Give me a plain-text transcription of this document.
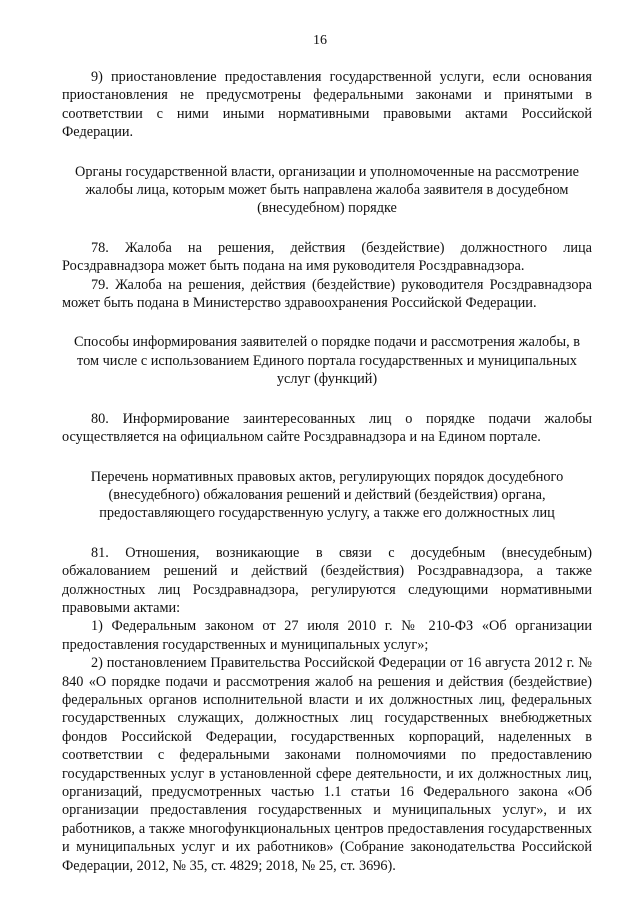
16

9) приостановление предоставления государственной услуги, если основания приостановления не предусмотрены федеральными законами и принятыми в соответствии с ними иными нормативными правовыми актами Российской Федерации.

Органы государственной власти, организации и уполномоченные на рассмотрение жалобы лица, которым может быть направлена жалоба заявителя в досудебном (внесудебном) порядке

78. Жалоба на решения, действия (бездействие) должностного лица Росздравнадзора может быть подана на имя руководителя Росздравнадзора.

79. Жалоба на решения, действия (бездействие) руководителя Росздравнадзора может быть подана в Министерство здравоохранения Российской Федерации.

Способы информирования заявителей о порядке подачи и рассмотрения жалобы, в том числе с использованием Единого портала государственных и муниципальных услуг (функций)

80. Информирование заинтересованных лиц о порядке подачи жалобы осуществляется на официальном сайте Росздравнадзора и на Едином портале.

Перечень нормативных правовых актов, регулирующих порядок досудебного (внесудебного) обжалования решений и действий (бездействия) органа, предоставляющего государственную услугу, а также его должностных лиц

81. Отношения, возникающие в связи с досудебным (внесудебным) обжалованием решений и действий (бездействия) Росздравнадзора, а также должностных лиц Росздравнадзора, регулируются следующими нормативными правовыми актами:

1) Федеральным законом от 27 июля 2010 г. № 210-ФЗ «Об организации предоставления государственных и муниципальных услуг»;

2) постановлением Правительства Российской Федерации от 16 августа 2012 г. № 840 «О порядке подачи и рассмотрения жалоб на решения и действия (бездействие) федеральных органов исполнительной власти и их должностных лиц, федеральных государственных служащих, должностных лиц государственных внебюджетных фондов Российской Федерации, государственных корпораций, наделенных в соответствии с федеральными законами полномочиями по предоставлению государственных услуг в установленной сфере деятельности, и их должностных лиц, организаций, предусмотренных частью 1.1 статьи 16 Федерального закона «Об организации предоставления государственных и муниципальных услуг», и их работников, а также многофункциональных центров предоставления государственных и муниципальных услуг и их работников» (Собрание законодательства Российской Федерации, 2012, № 35, ст. 4829; 2018, № 25, ст. 3696).
